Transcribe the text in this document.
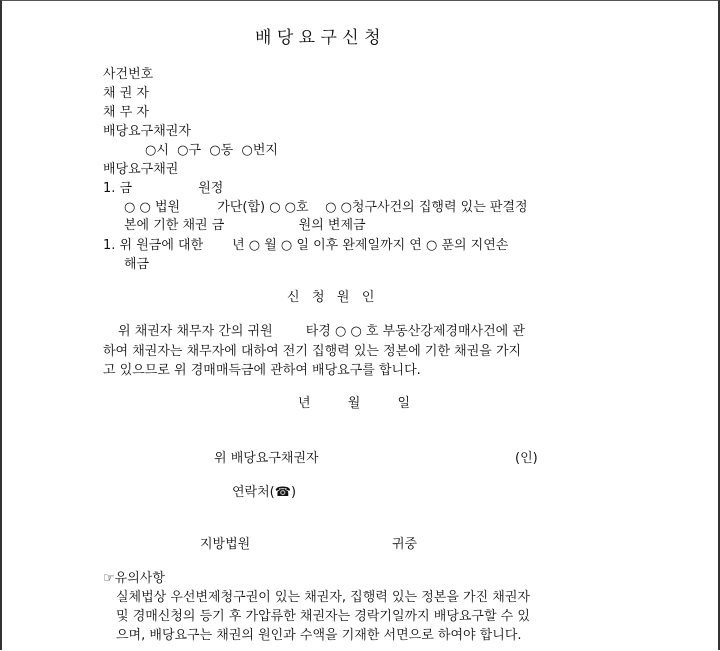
배 당 요 구 신 청
사건번호
채 권 자
채 무 자
배당요구채권자
○시  ○구  ○동  ○번지
배당요구채권
1. 금                원정
○ ○ 법원         가단(합) ○ ○호    ○ ○청구사건의 집행력 있는 판결정
본에 기한 채권 금                  원의 변제금
1. 위 원금에 대한       년 ○ 월 ○ 일 이후 완제일까지 연 ○ 푼의 지연손
해금
신   청   원   인
위 채권자 채무자 간의 귀원        타경 ○ ○ 호 부동산강제경매사건에 관
하여 채권자는 채무자에 대하여 전기 집행력 있는 정본에 기한 채권을 가지
고 있으므로 위 경매매득금에 관하여 배당요구를 합니다.
년         월         일
위 배당요구채권자	(인)
연락처(☎)
지방법원	귀중
☞유의사항
실체법상 우선변제청구권이 있는 채권자, 집행력 있는 정본을 가진 채권자
및 경매신청의 등기 후 가압류한 채권자는 경락기일까지 배당요구할 수 있
으며, 배당요구는 채권의 원인과 수액을 기재한 서면으로 하여야 합니다.
